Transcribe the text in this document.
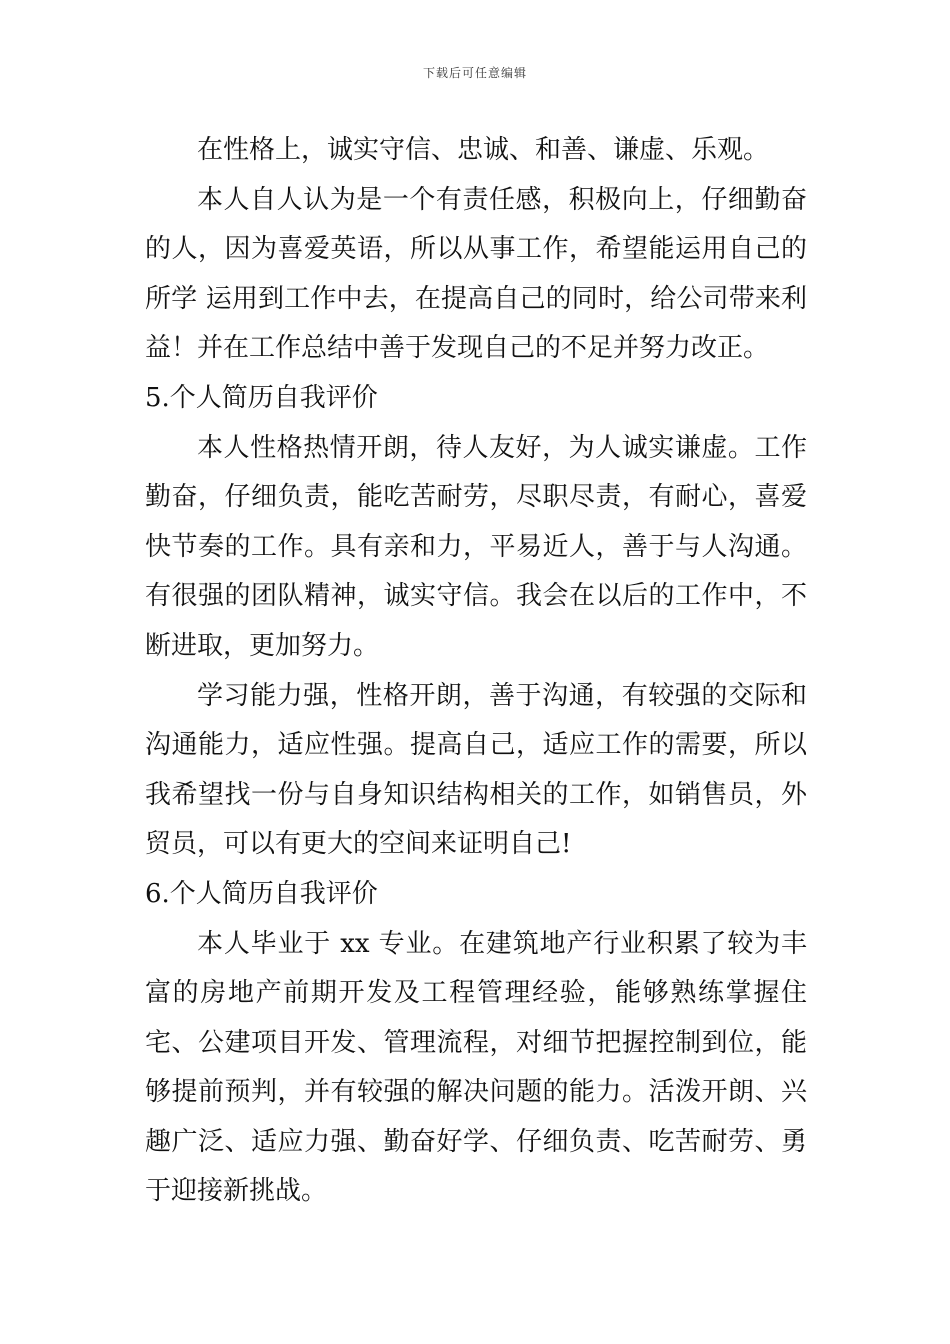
下载后可任意编辑

在性格上，诚实守信、忠诚、和善、谦虚、乐观。

本人自人认为是一个有责任感，积极向上，仔细勤奋的人，因为喜爱英语，所以从事工作，希望能运用自己的所学 运用到工作中去，在提高自己的同时，给公司带来利益！并在工作总结中善于发现自己的不足并努力改正。

5.个人简历自我评价

本人性格热情开朗，待人友好，为人诚实谦虚。工作勤奋，仔细负责，能吃苦耐劳，尽职尽责，有耐心，喜爱快节奏的工作。具有亲和力，平易近人，善于与人沟通。有很强的团队精神，诚实守信。我会在以后的工作中，不断进取，更加努力。

学习能力强，性格开朗，善于沟通，有较强的交际和沟通能力，适应性强。提高自己，适应工作的需要，所以我希望找一份与自身知识结构相关的工作，如销售员，外贸员，可以有更大的空间来证明自己!

6.个人简历自我评价

本人毕业于 xx 专业。在建筑地产行业积累了较为丰富的房地产前期开发及工程管理经验，能够熟练掌握住宅、公建项目开发、管理流程，对细节把握控制到位，能够提前预判，并有较强的解决问题的能力。活泼开朗、兴趣广泛、适应力强、勤奋好学、仔细负责、吃苦耐劳、勇于迎接新挑战。
